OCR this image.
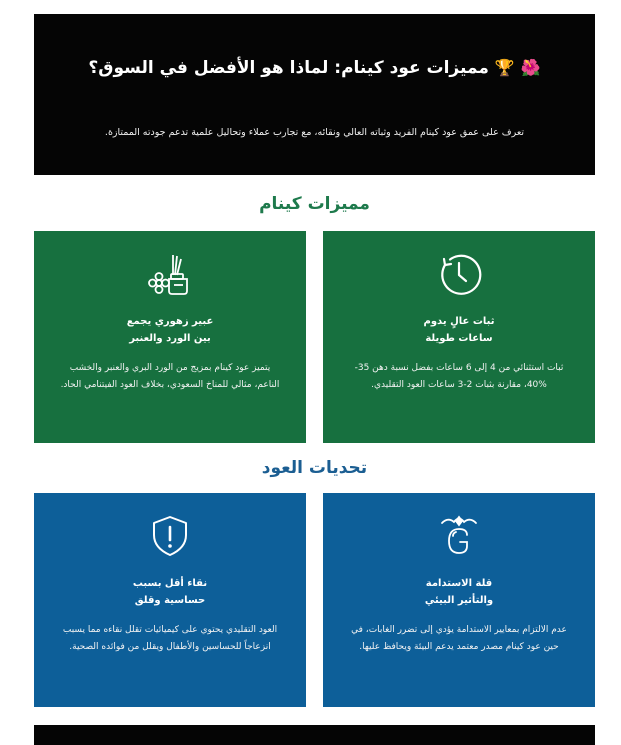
🌺 🏆 مميزات عود كينام: لماذا هو الأفضل في السوق؟
تعرف على عمق عود كينام الفريد وثباته العالي ونقائه، مع تجارب عملاء وتحاليل علمية تدعم جودته الممتازة.
مميزات كينام
ثبات عالٍ يدوم
ساعات طويلة
ثبات استثنائي من 4 إلى 6 ساعات بفضل نسبة دهن 35-
40%، مقارنة بثبات 2-3 ساعات العود التقليدي.
عبير زهوري يجمع
بين الورد والعنبر
يتميز عود كينام بمزيج من الورد البري والعنبر والخشب
الناعم، مثالي للمناخ السعودي، بخلاف العود الفيتنامي الحاد.
تحديات العود
قلة الاستدامة
والتأثير البيئي
عدم الالتزام بمعايير الاستدامة يؤدي إلى تضرر الغابات، في
حين عود كينام مصدر معتمد يدعم البيئة ويحافظ عليها.
نقاء أقل بسبب
حساسية وقلق
العود التقليدي يحتوي على كيميائيات تقلل نقاءه مما يسبب
انزعاجاً للحساسين والأطفال ويقلل من فوائده الصحية.
